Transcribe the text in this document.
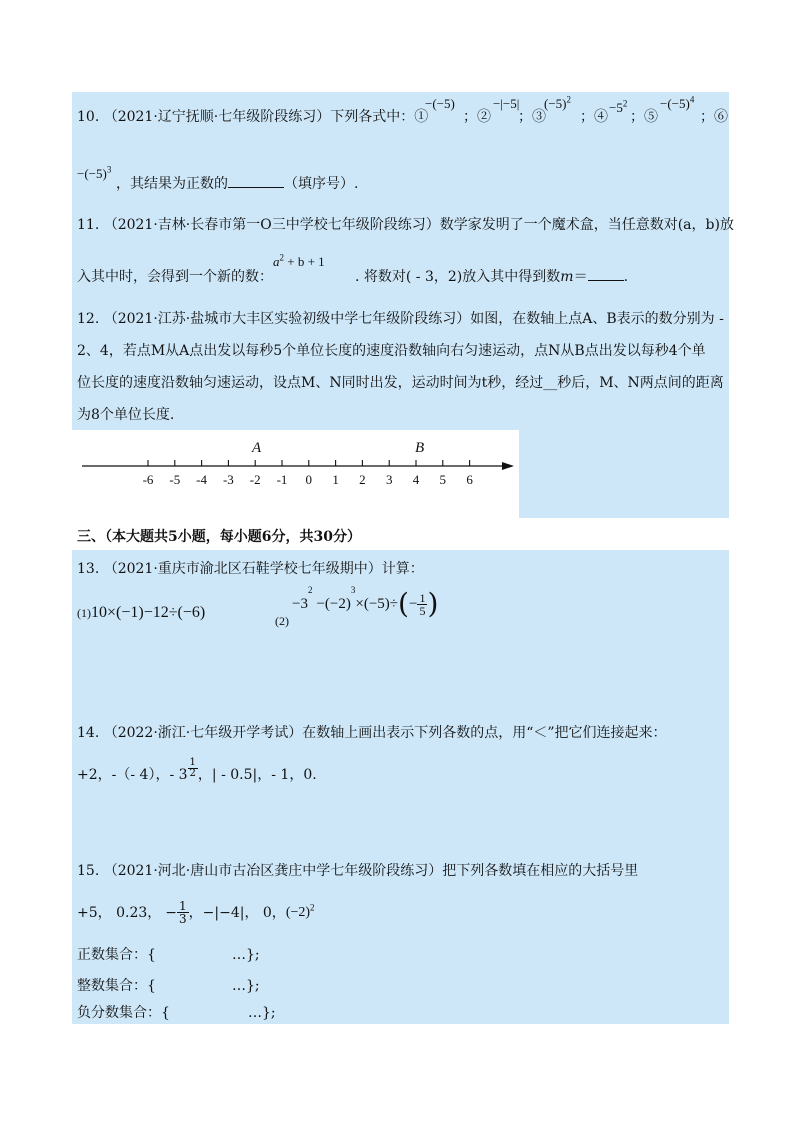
10. （2021·辽宁抚顺·七年级阶段练习）下列各式中：①
−(−5)
；②
−|−5|
；③
$(-5)^2$
；④
$-5^2$
；⑤
$-(-5)^4$
；⑥
$-(-5)^3$
，其结果为正数的	（填序号）.
11. （2021·吉林·长春市第一O三中学校七年级阶段练习）数学家发明了一个魔术盒，当任意数对(a，b)放
入其中时，会得到一个新的数：
$a^2 + b + 1$
. 将数对( - 3，2)放入其中得到数m＝	.
12. （2021·江苏·盐城市大丰区实验初级中学七年级阶段练习）如图，在数轴上点A、B表示的数分别为 -
2、4，若点M从A点出发以每秒5个单位长度的速度沿数轴向右匀速运动，点N从B点出发以每秒4个单
位长度的速度沿数轴匀速运动，设点M、N同时出发，运动时间为t秒，经过__秒后，M、N两点间的距离
为8个单位长度.
-6 -5 -4 -3 -2 -1 0 1 2 3 4 5 6
A	B
三、（本大题共5小题，每小题6分，共30分）
13. （2021·重庆市渝北区石鞋学校七年级期中）计算：
(1)10×(−1)−12÷(−6)	(2)
−3
2
−(−2)
3
×(−5)÷ ( − $\frac{1}{5}$ )
14. （2022·浙江·七年级开学考试）在数轴上画出表示下列各数的点，用“＜”把它们连接起来：
+2，-（- 4），- $3 \frac{1}{2}$ ，| - 0.5|，- 1，0.
15. （2021·河北·唐山市古冶区龚庄中学七年级阶段练习）把下列各数填在相应的大括号里
+5， 0.23， − $\frac{1}{3}$ ，−|−4|， 0， $(-2)^2$
正数集合：{	…};
整数集合：{	…};
负分数集合：{	…};
